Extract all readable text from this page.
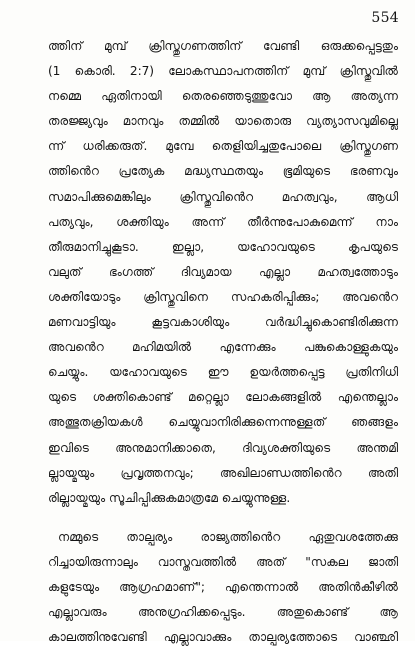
554
ത്തിന് മുമ്പ് ക്രിസ്തുഗണത്തിന് വേണ്ടി ഒരുക്കപ്പെട്ടതും
(1 കൊരി. 2:7) ലോകസ്ഥാപനത്തിന് മുമ്പ് ക്രിസ്തുവിൽ
നമ്മെ ഏതിനായി തെരഞ്ഞെടുത്തുവോ ആ അത്യന്ന
തരജ്ജ്യവും മാനവും തമ്മിൽ യാതൊരു വ്യത്യാസവുമില്ലെ
ന്ന് ധരിക്കരുത്. മുമ്പേ തെളിയിച്ചതുപോലെ ക്രിസ്തുഗണ
ത്തിൻെറ പ്രത്യേക മദ്ധ്യസ്ഥതയും ഭൂമിയുടെ ഭരണവും
സമാപിക്കുമെങ്കിലും ക്രിസ്തുവിൻെറ മഹത്വവും, ആധി
പത്യവും, ശക്തിയും അന്ന് തീർന്നുപോകുമെന്ന് നാം
തീരുമാനിച്ചുകൂടാ. ഇല്ലാ, യഹോവയുടെ കൃപയുടെ
വലുത് ഭംഗത്ത് ദിവ്യമായ എല്ലാ മഹത്വത്തോടും
ശക്തിയോടും ക്രിസ്തുവിനെ സഹകരിപ്പിക്കും; അവൻെറ
മണവാട്ടിയും കൂട്ടവകാശിയും വർദ്ധിച്ചുകൊണ്ടിരിക്കുന്ന
അവൻെറ മഹിമയിൽ എന്നേക്കും പങ്കുകൊള്ളുകയും
ചെയ്യും. യഹോവയുടെ ഈ ഉയർത്തപ്പെട്ട പ്രതിനിധി
യുടെ ശക്തികൊണ്ട് മറ്റെല്ലാ ലോകങ്ങളിൽ എന്തെല്ലാം
അത്ഭുതക്രിയകൾ ചെയ്യുവാനിരിക്കുന്നെന്നുള്ളത് ഞങ്ങളം
ഇവിടെ അനുമാനിക്കാതെ, ദിവ്യശക്തിയുടെ അന്തമി
ല്ലായ്മയും പ്രവൃത്തനവും; അഖിലാണ്ഡത്തിൻെറ അതി
രില്ലായ്മയും സൂചിപ്പിക്കുകമാത്രമേ ചെയ്യുന്നുള്ള.
നമ്മുടെ താല്പര്യം രാജ്യത്തിൻെറ ഏതുവശത്തേക്കു
റിച്ചായിരുന്നാലും വാസ്തവത്തിൽ അത് "സകല ജാതി
കളുടേയും ആഗ്രഹമാണ്"; എന്തെന്നാൽ അതിൻകീഴിൽ
എല്ലാവരും അനുഗ്രഹിക്കപ്പെടും. അതുകൊണ്ട് ആ
കാലത്തിനുവേണ്ടി എല്ലാവാക്കും താല്പര്യത്തോടെ വാഞ്ഛി
